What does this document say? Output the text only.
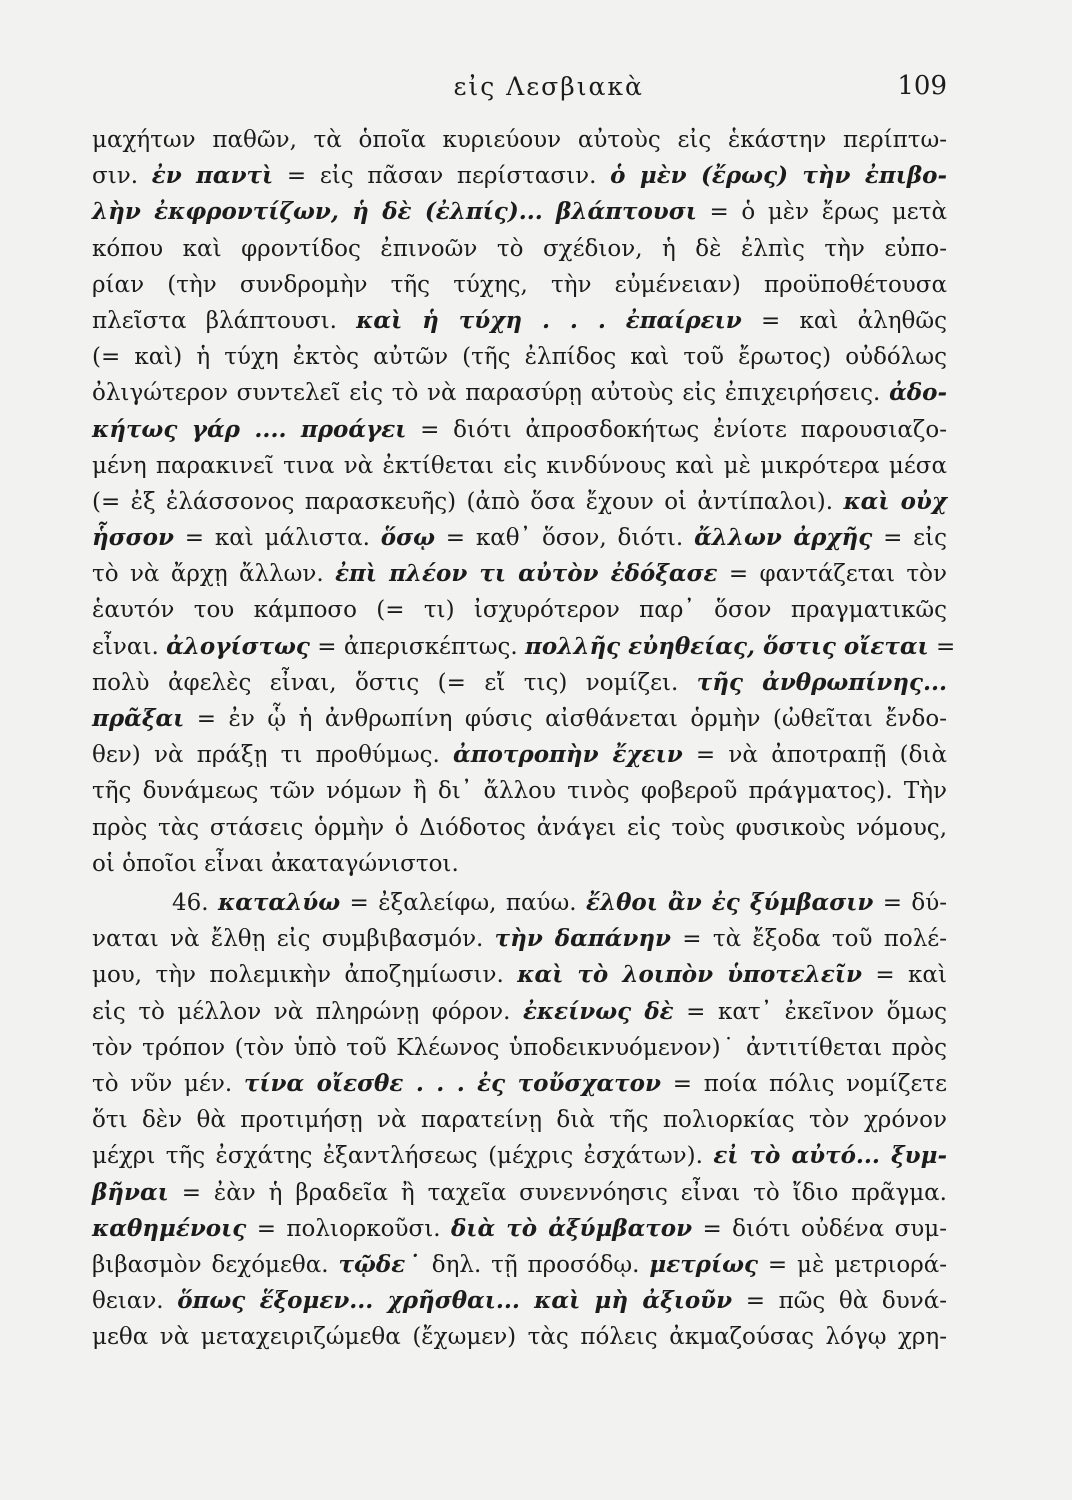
εἰς Λεσβιακὰ	109
μαχήτων παθῶν, τὰ ὁποῖα κυριεύουν αὐτοὺς εἰς ἑκάστην περίπτω-
σιν. ἐν παντὶ = εἰς πᾶσαν περίστασιν. ὁ μὲν (ἔρως) τὴν ἐπιβο-
λὴν ἐκφροντίζων, ἡ δὲ (ἐλπίς)... βλάπτουσι = ὁ μὲν ἔρως μετὰ
κόπου καὶ φροντίδος ἐπινοῶν τὸ σχέδιον, ἡ δὲ ἐλπὶς τὴν εὐπο-
ρίαν (τὴν συνδρομὴν τῆς τύχης, τὴν εὐμένειαν) προϋποθέτουσα
πλεῖστα βλάπτουσι. καὶ ἡ τύχη . . . ἐπαίρειν = καὶ ἀληθῶς
(= καὶ) ἡ τύχη ἐκτὸς αὐτῶν (τῆς ἐλπίδος καὶ τοῦ ἔρωτος) οὐδόλως
ὀλιγώτερον συντελεῖ εἰς τὸ νὰ παρασύρῃ αὐτοὺς εἰς ἐπιχειρήσεις. ἀδο-
κήτως γάρ .... προάγει = διότι ἀπροσδοκήτως ἐνίοτε παρουσιαζο-
μένη παρακινεῖ τινα νὰ ἐκτίθεται εἰς κινδύνους καὶ μὲ μικρότερα μέσα
(= ἐξ ἐλάσσονος παρασκευῆς) (ἀπὸ ὅσα ἔχουν οἱ ἀντίπαλοι). καὶ οὐχ
ἧσσον = καὶ μάλιστα. ὅσῳ = καθ᾿ ὅσον, διότι. ἄλλων ἀρχῆς = εἰς
τὸ νὰ ἄρχῃ ἄλλων. ἐπὶ πλέον τι αὐτὸν ἐδόξασε = φαντάζεται τὸν
ἑαυτόν του κάμποσο (= τι) ἰσχυρότερον παρ᾿ ὅσον πραγματικῶς
εἶναι. ἀλογίστως = ἀπερισκέπτως. πολλῆς εὐηθείας, ὅστις οἴεται =
πολὺ ἀφελὲς εἶναι, ὅστις (= εἴ τις) νομίζει. τῆς ἀνθρωπίνης...
πρᾶξαι = ἐν ᾧ ἡ ἀνθρωπίνη φύσις αἰσθάνεται ὁρμὴν (ὠθεῖται ἔνδο-
θεν) νὰ πράξῃ τι προθύμως. ἀποτροπὴν ἔχειν = νὰ ἀποτραπῇ (διὰ
τῆς δυνάμεως τῶν νόμων ἢ δι᾿ ἄλλου τινὸς φοβεροῦ πράγματος). Τὴν
πρὸς τὰς στάσεις ὁρμὴν ὁ Διόδοτος ἀνάγει εἰς τοὺς φυσικοὺς νόμους,
οἱ ὁποῖοι εἶναι ἀκαταγώνιστοι.
46. καταλύω = ἐξαλείφω, παύω. ἔλθοι ἂν ἐς ξύμβασιν = δύ-
ναται νὰ ἔλθῃ εἰς συμβιβασμόν. τὴν δαπάνην = τὰ ἔξοδα τοῦ πολέ-
μου, τὴν πολεμικὴν ἀποζημίωσιν. καὶ τὸ λοιπὸν ὑποτελεῖν = καὶ
εἰς τὸ μέλλον νὰ πληρώνῃ φόρον. ἐκείνως δὲ = κατ᾿ ἐκεῖνον ὅμως
τὸν τρόπον (τὸν ὑπὸ τοῦ Κλέωνος ὑποδεικνυόμενον)˙ ἀντιτίθεται πρὸς
τὸ νῦν μέν. τίνα οἴεσθε . . . ἐς τοὔσχατον = ποία πόλις νομίζετε
ὅτι δὲν θὰ προτιμήσῃ νὰ παρατείνῃ διὰ τῆς πολιορκίας τὸν χρόνον
μέχρι τῆς ἐσχάτης ἐξαντλήσεως (μέχρις ἐσχάτων). εἰ τὸ αὐτό... ξυμ-
βῆναι = ἐὰν ἡ βραδεῖα ἢ ταχεῖα συνεννόησις εἶναι τὸ ἴδιο πρᾶγμα.
καθημένοις = πολιορκοῦσι. διὰ τὸ ἀξύμβατον = διότι οὐδένα συμ-
βιβασμὸν δεχόμεθα. τῷδε˙ δηλ. τῇ προσόδῳ. μετρίως = μὲ μετριορά-
θειαν. ὅπως ἕξομεν... χρῆσθαι... καὶ μὴ ἀξιοῦν = πῶς θὰ δυνά-
μεθα νὰ μεταχειριζώμεθα (ἔχωμεν) τὰς πόλεις ἀκμαζούσας λόγῳ χρη-
